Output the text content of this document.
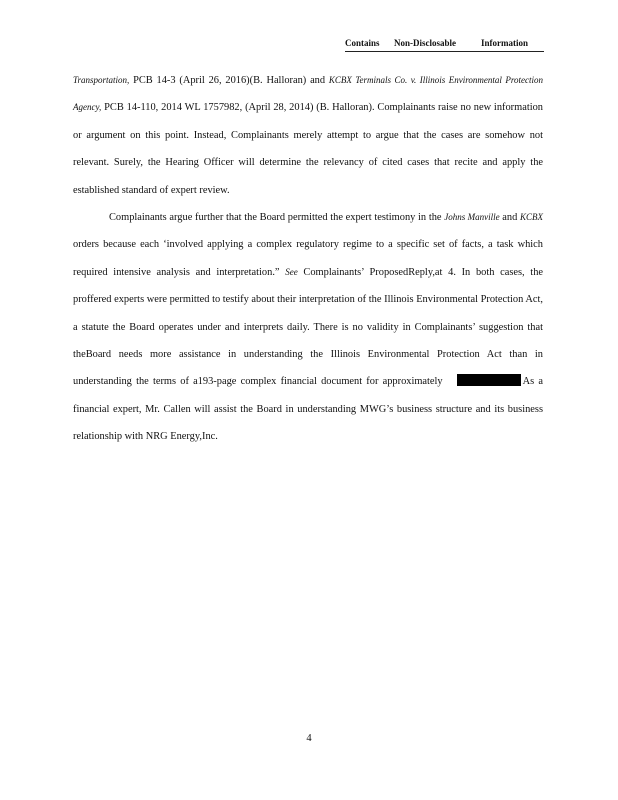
Contains Non-Disclosable	Information

Transportation, PCB 14-3 (April 26, 2016)(B. Halloran) and KCBX Terminals Co. v. Illinois Environmental Protection Agency, PCB 14-110, 2014 WL 1757982, (April 28, 2014) (B. Halloran). Complainants raise no new information or argument on this point. Instead, Complainants merely attempt to argue that the cases are somehow not relevant. Surely, the Hearing Officer will determine the relevancy of cited cases that recite and apply the established standard of expert review.

Complainants argue further that the Board permitted the expert testimony in the Johns Manville and KCBX orders because each ‘involved applying a complex regulatory regime to a specific set of facts, a task which required intensive analysis and interpretation.” See Complainants’ ProposedReply,at 4. In both cases, the proffered experts were permitted to testify about their interpretation of the Illinois Environmental Protection Act, a statute the Board operates under and interprets daily. There is no validity in Complainants’ suggestion that theBoard needs more assistance in understanding the Illinois Environmental Protection Act than in understanding the terms of a193-page complex financial document for approximately	As a financial expert, Mr. Callen will assist the Board in understanding MWG’s business structure and its business relationship with NRG Energy,Inc.

4
